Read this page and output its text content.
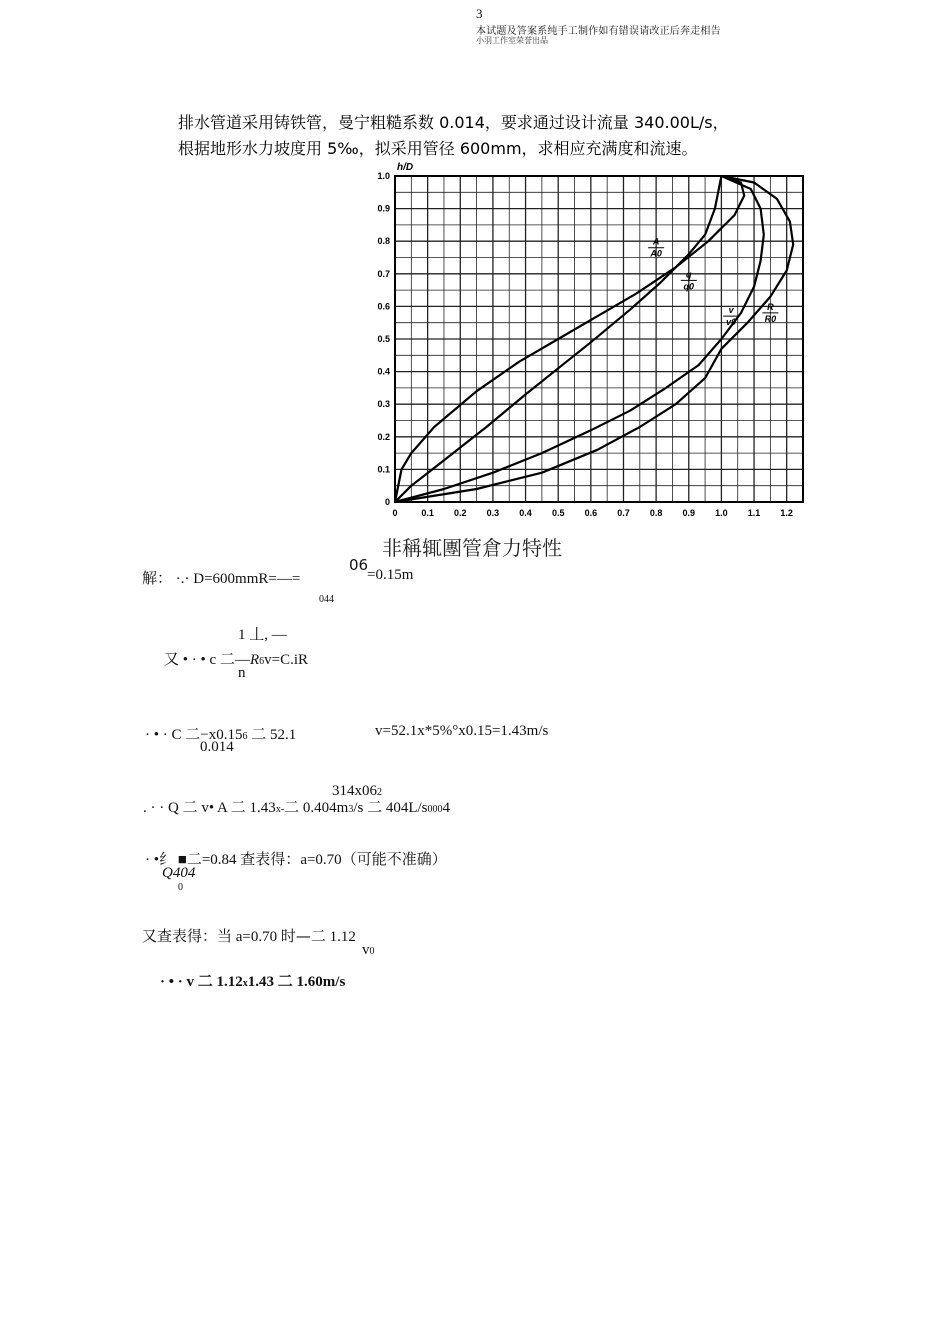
3
本试题及答案系纯手工制作如有错误请改正后奔走相告
小羽工作室荣誉出品
排水管道采用铸铁管，曼宁粗糙系数 0.014，要求通过设计流量 340.00L/s，
根据地形水力坡度用 5‰，拟采用管径 600mm，求相应充满度和流速。
0
0.1
0.2
0.3
0.4
0.5
0.6
0.7
0.8
0.9
1.0
0	0.1 0.2 0.3 0.4 0.5 0.6 0.7 0.8 0.9 1.0 1.1 1.2
h/D
A
A0
q
q0
v
v0
R
R0
非稱辄團管倉力特性
解： ·.· D=600mmR=—=
06
=0.15m
044
1 丄, —
又 • · • c 二—R6v=C.iR
n
· • · C 二−x0.156 二 52.1
0.014
v=52.1x*5%°x0.15=1.43m/s
314x062
. · · Q 二 v• A 二 1.43x-二 0.404m3/s 二 404L/s0004
· •纟 ■二=0.84 查表得：a=0.70（可能不准确）
Q404
0
又查表得：当 a=0.70 时—二 1.12
v0
· • · v 二 1.12x1.43 二 1.60m/s
